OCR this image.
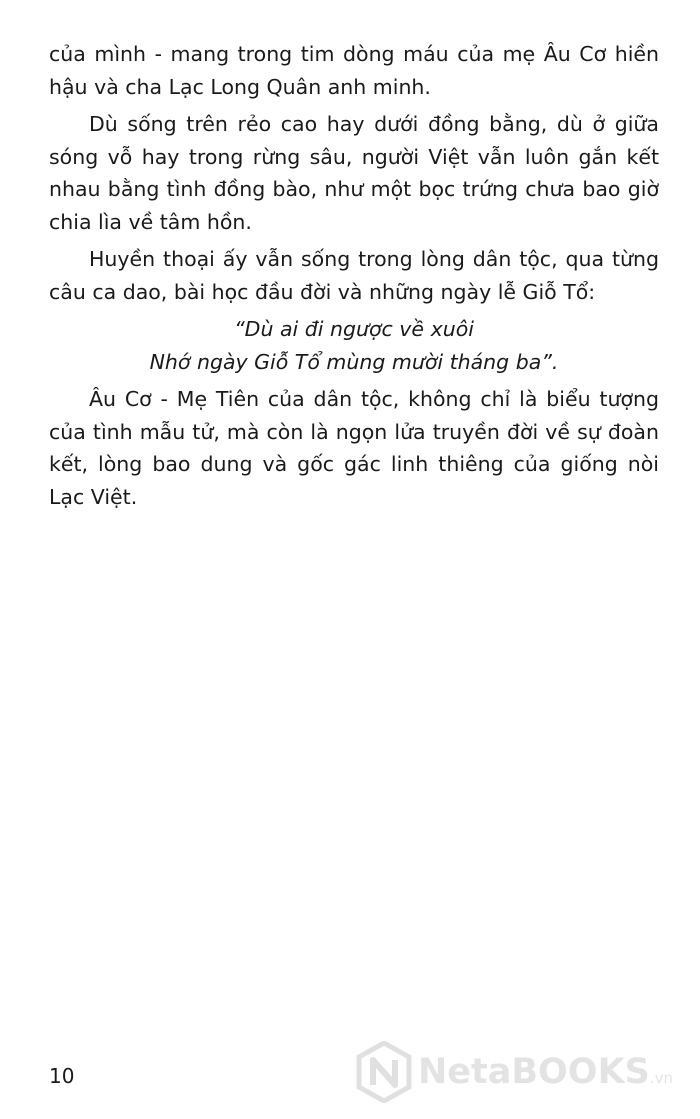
của mình - mang trong tim dòng máu của mẹ Âu Cơ hiền hậu và cha Lạc Long Quân anh minh.

Dù sống trên rẻo cao hay dưới đồng bằng, dù ở giữa sóng vỗ hay trong rừng sâu, người Việt vẫn luôn gắn kết nhau bằng tình đồng bào, như một bọc trứng chưa bao giờ chia lìa về tâm hồn.

Huyền thoại ấy vẫn sống trong lòng dân tộc, qua từng câu ca dao, bài học đầu đời và những ngày lễ Giỗ Tổ:

“Dù ai đi ngược về xuôi
Nhớ ngày Giỗ Tổ mùng mười tháng ba”.

Âu Cơ - Mẹ Tiên của dân tộc, không chỉ là biểu tượng của tình mẫu tử, mà còn là ngọn lửa truyền đời về sự đoàn kết, lòng bao dung và gốc gác linh thiêng của giống nòi Lạc Việt.

10	NetaBOOKS.vn
